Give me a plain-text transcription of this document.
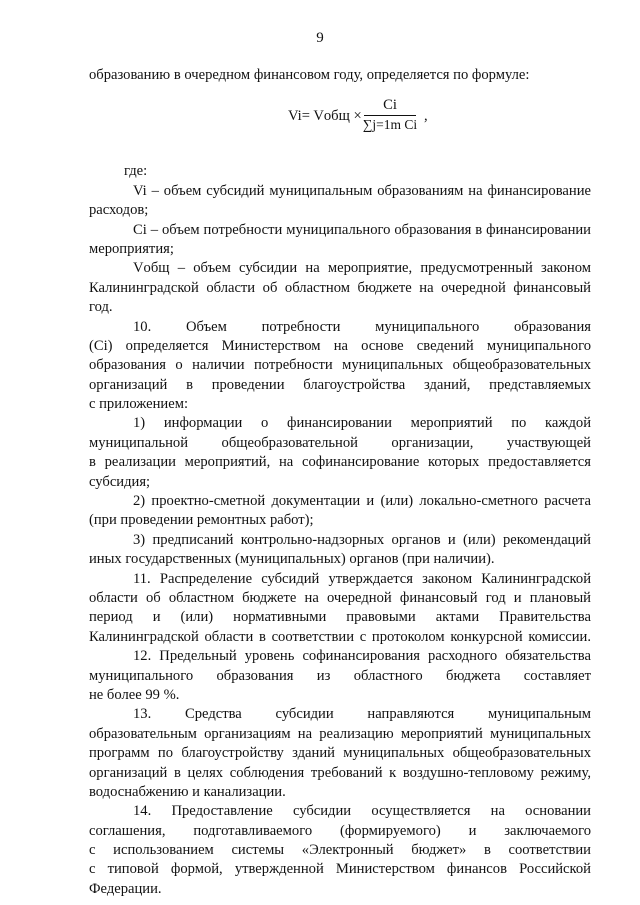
9
Vi= Vобщ ×
Ci
∑j=1m Ci
,
образованию в очередном финансовом году, определяется по формуле:
где:
Vi – объем субсидий муниципальным образованиям на финансирование
расходов;
Ci – объем потребности муниципального образования в финансировании
мероприятия;
Vобщ – объем субсидии на мероприятие, предусмотренный законом
Калининградской области об областном бюджете на очередной финансовый
год.
10. Объем потребности муниципального образования
(Ci) определяется Министерством на основе сведений муниципального
образования о наличии потребности муниципальных общеобразовательных
организаций в проведении благоустройства зданий, представляемых
с приложением:
1) информации о финансировании мероприятий по каждой
муниципальной общеобразовательной организации, участвующей
в реализации мероприятий, на софинансирование которых предоставляется
субсидия;
2) проектно-сметной документации и (или) локально-сметного расчета
(при проведении ремонтных работ);
3) предписаний контрольно-надзорных органов и (или) рекомендаций
иных государственных (муниципальных) органов (при наличии).
11. Распределение субсидий утверждается законом Калининградской
области об областном бюджете на очередной финансовый год и плановый
период и (или) нормативными правовыми актами Правительства
Калининградской области в соответствии с протоколом конкурсной комиссии.
12. Предельный уровень софинансирования расходного обязательства
муниципального образования из областного бюджета составляет
не более 99 %.
13. Средства субсидии направляются муниципальным
образовательным организациям на реализацию мероприятий муниципальных
программ по благоустройству зданий муниципальных общеобразовательных
организаций в целях соблюдения требований к воздушно-тепловому режиму,
водоснабжению и канализации.
14. Предоставление субсидии осуществляется на основании
соглашения, подготавливаемого (формируемого) и заключаемого
с использованием системы «Электронный бюджет» в соответствии
с типовой формой, утвержденной Министерством финансов Российской
Федерации.
